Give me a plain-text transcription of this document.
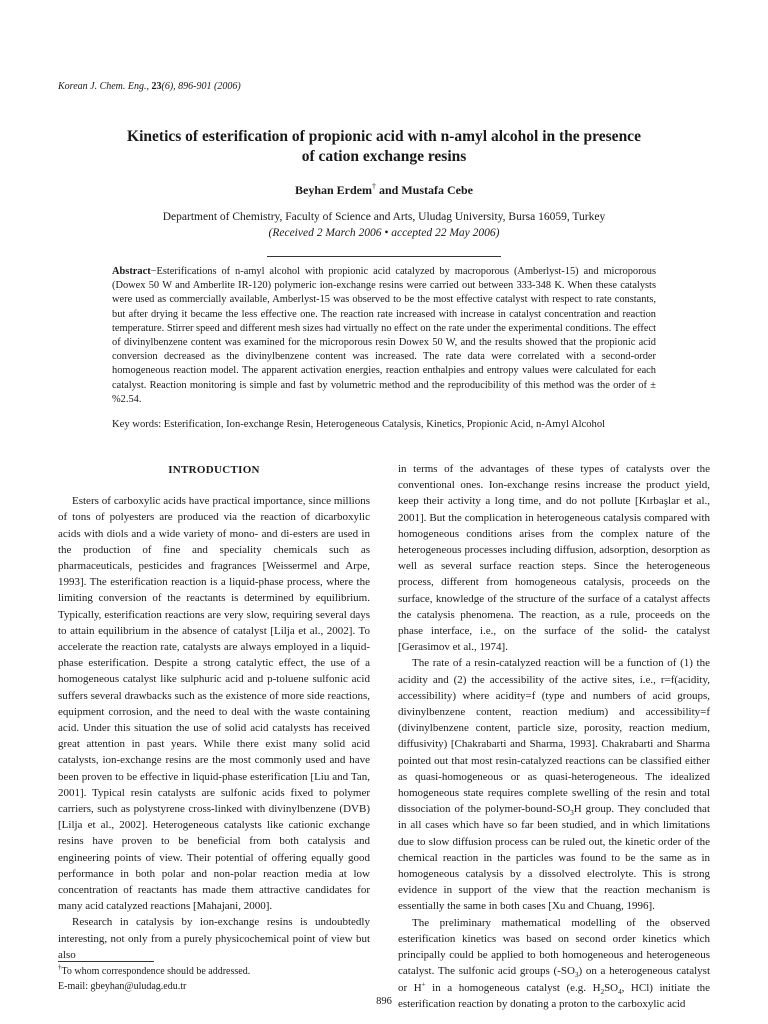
Korean J. Chem. Eng., 23(6), 896-901 (2006)
Kinetics of esterification of propionic acid with n-amyl alcohol in the presence
of cation exchange resins
Beyhan Erdem† and Mustafa Cebe
Department of Chemistry, Faculty of Science and Arts, Uludag University, Bursa 16059, Turkey
(Received 2 March 2006 • accepted 22 May 2006)
Abstract−Esterifications of n-amyl alcohol with propionic acid catalyzed by macroporous (Amberlyst-15) and microporous (Dowex 50 W and Amberlite IR-120) polymeric ion-exchange resins were carried out between 333-348 K. When these catalysts were used as commercially available, Amberlyst-15 was observed to be the most effective catalyst with respect to rate constants, but after drying it became the less effective one. The reaction rate increased with increase in catalyst concentration and reaction temperature. Stirrer speed and different mesh sizes had virtually no effect on the rate under the experimental conditions. The effect of divinylbenzene content was examined for the microporous resin Dowex 50 W, and the results showed that the propionic acid conversion decreased as the divinylbenzene content was increased. The rate data were correlated with a second-order homogeneous reaction model. The apparent activation energies, reaction enthalpies and entropy values were calculated for each catalyst. Reaction monitoring is simple and fast by volumetric method and the reproducibility of this method was the order of ± %2.54.
Key words: Esterification, Ion-exchange Resin, Heterogeneous Catalysis, Kinetics, Propionic Acid, n-Amyl Alcohol
INTRODUCTION

Esters of carboxylic acids have practical importance, since millions of tons of polyesters are produced via the reaction of dicarboxylic acids with diols and a wide variety of mono- and di-esters are used in the production of fine and speciality chemicals such as pharmaceuticals, pesticides and fragrances [Weissermel and Arpe, 1993]. The esterification reaction is a liquid-phase process, where the limiting conversion of the reactants is determined by equilibrium. Typically, esterification reactions are very slow, requiring several days to attain equilibrium in the absence of catalyst [Lilja et al., 2002]. To accelerate the reaction rate, catalysts are always employed in a liquid-phase esterification. Despite a strong catalytic effect, the use of a homogeneous catalyst like sulphuric acid and p-toluene sulfonic acid suffers several drawbacks such as the existence of more side reactions, equipment corrosion, and the need to deal with the waste containing acid. Under this situation the use of solid acid catalysts has received great attention in past years. While there exist many solid acid catalysts, ion-exchange resins are the most commonly used and have been proven to be effective in liquid-phase esterification [Liu and Tan, 2001]. Typical resin catalysts are sulfonic acids fixed to polymer carriers, such as polystyrene cross-linked with divinylbenzene (DVB) [Lilja et al., 2002]. Heterogeneous catalysts like cationic exchange resins have proven to be beneficial from both catalysis and engineering points of view. Their potential of offering equally good performance in both polar and non-polar reaction media at low concentration of reactants has made them attractive candidates for many acid catalyzed reactions [Mahajani, 2000].

Research in catalysis by ion-exchange resins is undoubtedly interesting, not only from a purely physicochemical point of view but also

in terms of the advantages of these types of catalysts over the conventional ones. Ion-exchange resins increase the product yield, keep their activity a long time, and do not pollute [Kırbaşlar et al., 2001]. But the complication in heterogeneous catalysis compared with homogeneous conditions arises from the complex nature of the heterogeneous processes including diffusion, adsorption, desorption as well as several surface reaction steps. Since the heterogeneous process, different from homogeneous catalysis, proceeds on the surface, knowledge of the structure of the surface of a catalyst affects the catalysis phenomena. The reaction, as a rule, proceeds on the phase interface, i.e., on the surface of the solid- the catalyst [Gerasimov et al., 1974].

The rate of a resin-catalyzed reaction will be a function of (1) the acidity and (2) the accessibility of the active sites, i.e., r=f(acidity, accessibility) where acidity=f (type and numbers of acid groups, divinylbenzene content, reaction medium) and accessibility=f (divinylbenzene content, particle size, porosity, reaction medium, diffusivity) [Chakrabarti and Sharma, 1993]. Chakrabarti and Sharma pointed out that most resin-catalyzed reactions can be classified either as quasi-homogeneous or as quasi-heterogeneous. The idealized homogeneous state requires complete swelling of the resin and total dissociation of the polymer-$bound-SO_3H$ group. They concluded that in all cases which have so far been studied, and in which limitations due to slow diffusion process can be ruled out, the kinetic order of the chemical reaction in the particles was found to be the same as in homogeneous catalysis by a dissolved electrolyte. This is strong evidence in support of the view that the reaction mechanism is essentially the same in both cases [Xu and Chuang, 1996].

The preliminary mathematical modelling of the observed esterification kinetics was based on second order kinetics which principally could be applied to both homogeneous and heterogeneous catalyst. The sulfonic acid groups $(-SO_3)$ on a heterogeneous catalyst or H+ in a homogeneous catalyst (e.g. $H_2SO_4$, HCl) initiate the esterification reaction by donating a proton to the carboxylic acid

†To whom correspondence should be addressed.
E-mail: gbeyhan@uludag.edu.tr
896
